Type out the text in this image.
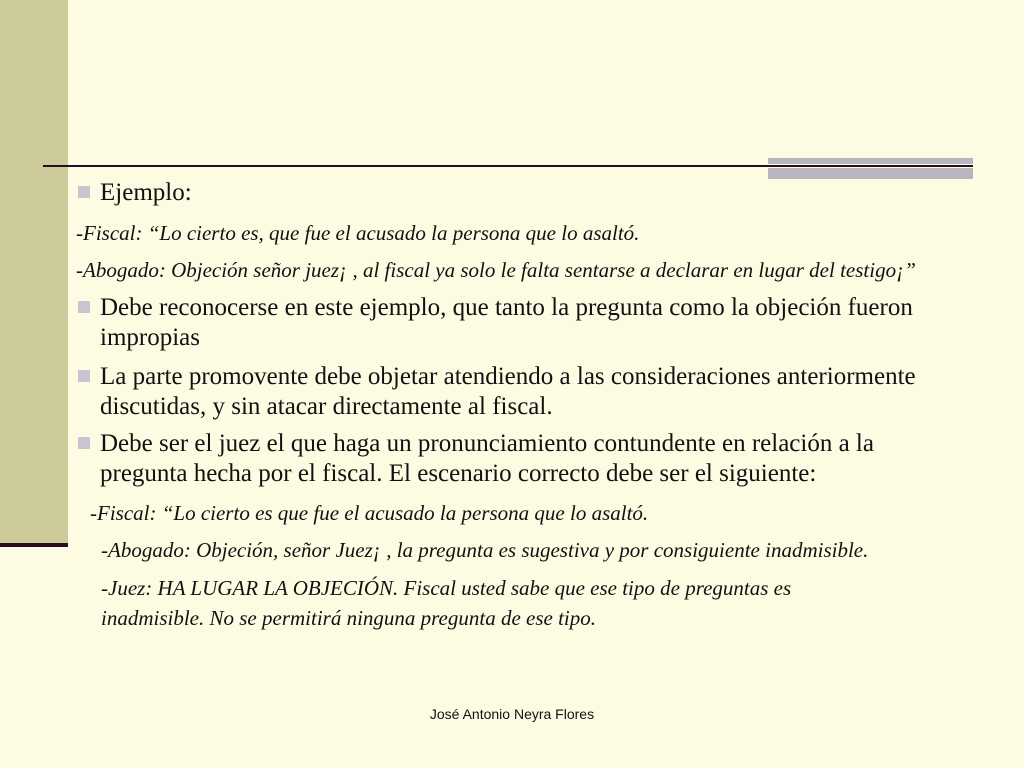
Ejemplo:
-Fiscal: “Lo cierto es, que fue el acusado la persona que lo asaltó.
-Abogado: Objeción señor juez¡ , al fiscal ya solo le falta sentarse a declarar en lugar del testigo¡”
Debe reconocerse en este ejemplo, que tanto la pregunta como la objeción fueron
impropias
La parte promovente debe objetar atendiendo a las consideraciones anteriormente
discutidas, y sin atacar directamente al fiscal.
Debe ser el juez el que haga un pronunciamiento contundente en relación a la
pregunta hecha por el fiscal. El escenario correcto debe ser el siguiente:
-Fiscal: “Lo cierto es que fue el acusado la persona que lo asaltó.
-Abogado: Objeción, señor Juez¡ , la pregunta es sugestiva y por consiguiente inadmisible.
-Juez: HA LUGAR LA OBJECIÓN. Fiscal usted sabe que ese tipo de preguntas es
inadmisible. No se permitirá ninguna pregunta de ese tipo.
José Antonio Neyra Flores
